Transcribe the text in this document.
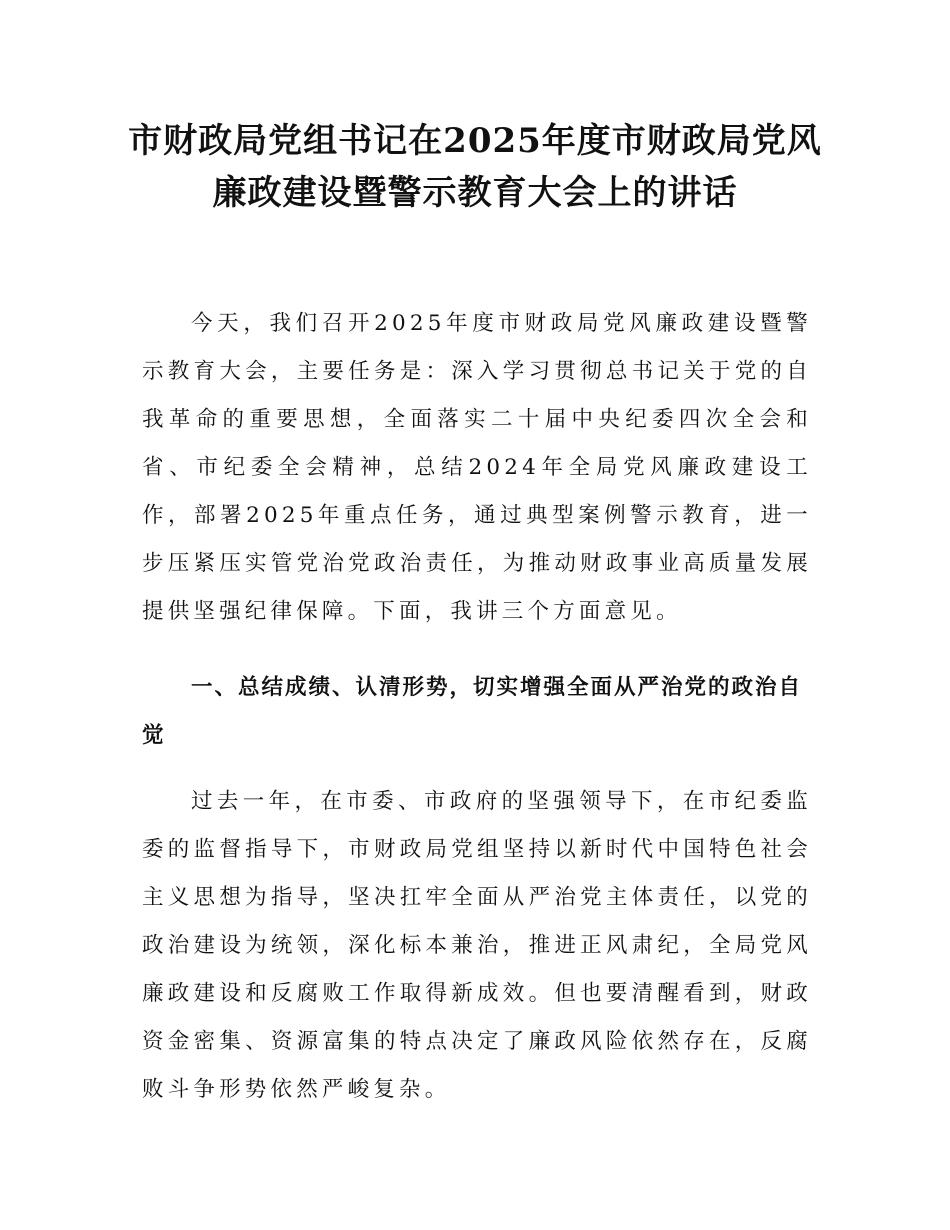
市财政局党组书记在2025年度市财政局党风
廉政建设暨警示教育大会上的讲话

今天，我们召开2025年度市财政局党风廉政建设暨警示教育大会，主要任务是：深入学习贯彻总书记关于党的自我革命的重要思想，全面落实二十届中央纪委四次全会和省、市纪委全会精神，总结2024年全局党风廉政建设工作，部署2025年重点任务，通过典型案例警示教育，进一步压紧压实管党治党政治责任，为推动财政事业高质量发展提供坚强纪律保障。下面，我讲三个方面意见。

一、总结成绩、认清形势，切实增强全面从严治党的政治自觉

过去一年，在市委、市政府的坚强领导下，在市纪委监委的监督指导下，市财政局党组坚持以新时代中国特色社会主义思想为指导，坚决扛牢全面从严治党主体责任，以党的政治建设为统领，深化标本兼治，推进正风肃纪，全局党风廉政建设和反腐败工作取得新成效。但也要清醒看到，财政资金密集、资源富集的特点决定了廉政风险依然存在，反腐败斗争形势依然严峻复杂。
